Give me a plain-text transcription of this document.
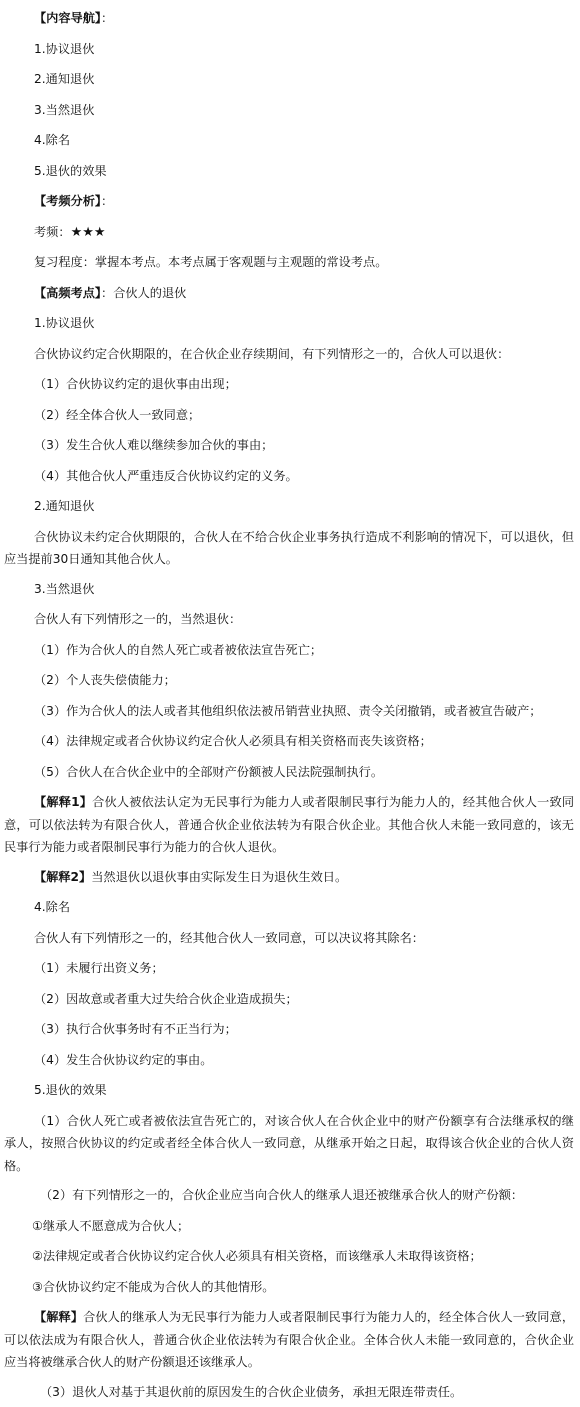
【内容导航】：
1.协议退伙
2.通知退伙
3.当然退伙
4.除名
5.退伙的效果
【考频分析】：
考频：★★★
复习程度：掌握本考点。本考点属于客观题与主观题的常设考点。
【高频考点】：合伙人的退伙
1.协议退伙
合伙协议约定合伙期限的，在合伙企业存续期间，有下列情形之一的，合伙人可以退伙：
（1）合伙协议约定的退伙事由出现；
（2）经全体合伙人一致同意；
（3）发生合伙人难以继续参加合伙的事由；
（4）其他合伙人严重违反合伙协议约定的义务。
2.通知退伙
合伙协议未约定合伙期限的，合伙人在不给合伙企业事务执行造成不利影响的情况下，可以退伙，但应当提前30日通知其他合伙人。
3.当然退伙
合伙人有下列情形之一的，当然退伙：
（1）作为合伙人的自然人死亡或者被依法宣告死亡；
（2）个人丧失偿债能力；
（3）作为合伙人的法人或者其他组织依法被吊销营业执照、责令关闭撤销，或者被宣告破产；
（4）法律规定或者合伙协议约定合伙人必须具有相关资格而丧失该资格；
（5）合伙人在合伙企业中的全部财产份额被人民法院强制执行。
【解释1】合伙人被依法认定为无民事行为能力人或者限制民事行为能力人的，经其他合伙人一致同意，可以依法转为有限合伙人，普通合伙企业依法转为有限合伙企业。其他合伙人未能一致同意的，该无民事行为能力或者限制民事行为能力的合伙人退伙。
【解释2】当然退伙以退伙事由实际发生日为退伙生效日。
4.除名
合伙人有下列情形之一的，经其他合伙人一致同意，可以决议将其除名：
（1）未履行出资义务；
（2）因故意或者重大过失给合伙企业造成损失；
（3）执行合伙事务时有不正当行为；
（4）发生合伙协议约定的事由。
5.退伙的效果
（1）合伙人死亡或者被依法宣告死亡的，对该合伙人在合伙企业中的财产份额享有合法继承权的继承人，按照合伙协议的约定或者经全体合伙人一致同意，从继承开始之日起，取得该合伙企业的合伙人资格。
（2）有下列情形之一的，合伙企业应当向合伙人的继承人退还被继承合伙人的财产份额：
①继承人不愿意成为合伙人；
②法律规定或者合伙协议约定合伙人必须具有相关资格，而该继承人未取得该资格；
③合伙协议约定不能成为合伙人的其他情形。
【解释】合伙人的继承人为无民事行为能力人或者限制民事行为能力人的，经全体合伙人一致同意，可以依法成为有限合伙人，普通合伙企业依法转为有限合伙企业。全体合伙人未能一致同意的，合伙企业应当将被继承合伙人的财产份额退还该继承人。
（3）退伙人对基于其退伙前的原因发生的合伙企业债务，承担无限连带责任。
